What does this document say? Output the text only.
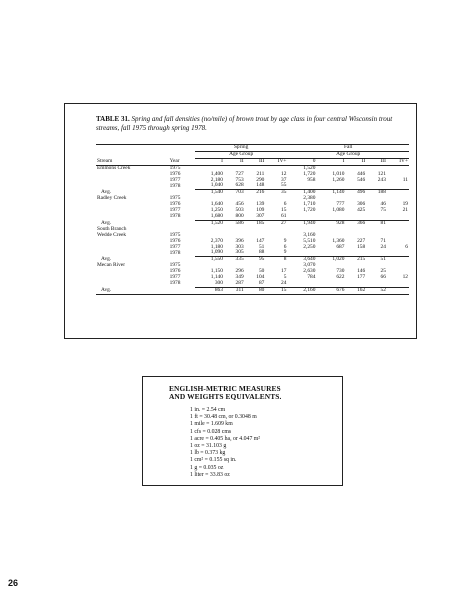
TABLE 31. Spring and fall densities (no/mile) of brown trout by age class in four central Wisconsin trout streams, fall 1975 through spring 1978.

		Spring				Fall				
		Age Group				Age Group				
Stream	Year	I	II	III	IV+	0	I	II	III	IV+
Emmons Creek	1975					1,520				
	1976	1,400	727	211	12	1,720	1,010	446	121	
	1977	2,180	753	290	37	958	1,260	546	243	11
	1978	1,040	628	148	55					
Avg.		1,540	703	216	35	1,400	1,140	496	188	
Radley Creek	1975					2,380				
	1976	1,640	456	139	6	1,710	777	306	46	19
	1977	1,250	503	109	15	1,720	1,080	425	75	21
	1978	1,680	800	307	61					
Avg.		1,520	586	185	27	1,940	928	366	81	
South Branch										
Wedde Creek	1975					3,160				
	1976	2,370	396	147	9	5,510	1,360	227	71	
	1977	1,180	303	51	6	2,250	687	158	24	6
	1978	1,090	305	88	9					
Avg.		1,550	335	95	8	3,640	1,020	215	51	
Mecan River	1975					3,070				
	1976	1,150	296	50	17	2,630	730	146	25	
	1977	1,140	349	104	5	784	622	177	66	12
	1978	300	287	87	24					
Avg.		863	311	80	15	2,160	676	162	52	

ENGLISH-METRIC MEASURES
AND WEIGHTS EQUIVALENTS.
1 in. = 2.54 cm
1 ft = 30.48 cm, or 0.3048 m
1 mile = 1.609 km
1 cfs = 0.028 cms
1 acre = 0.405 ha, or 4.047 m²
1 oz = 31.103 g
1 lb = 0.373 kg
1 cm² = 0.155 sq in.
1 g = 0.035 oz
1 liter = 33.83 oz
26
